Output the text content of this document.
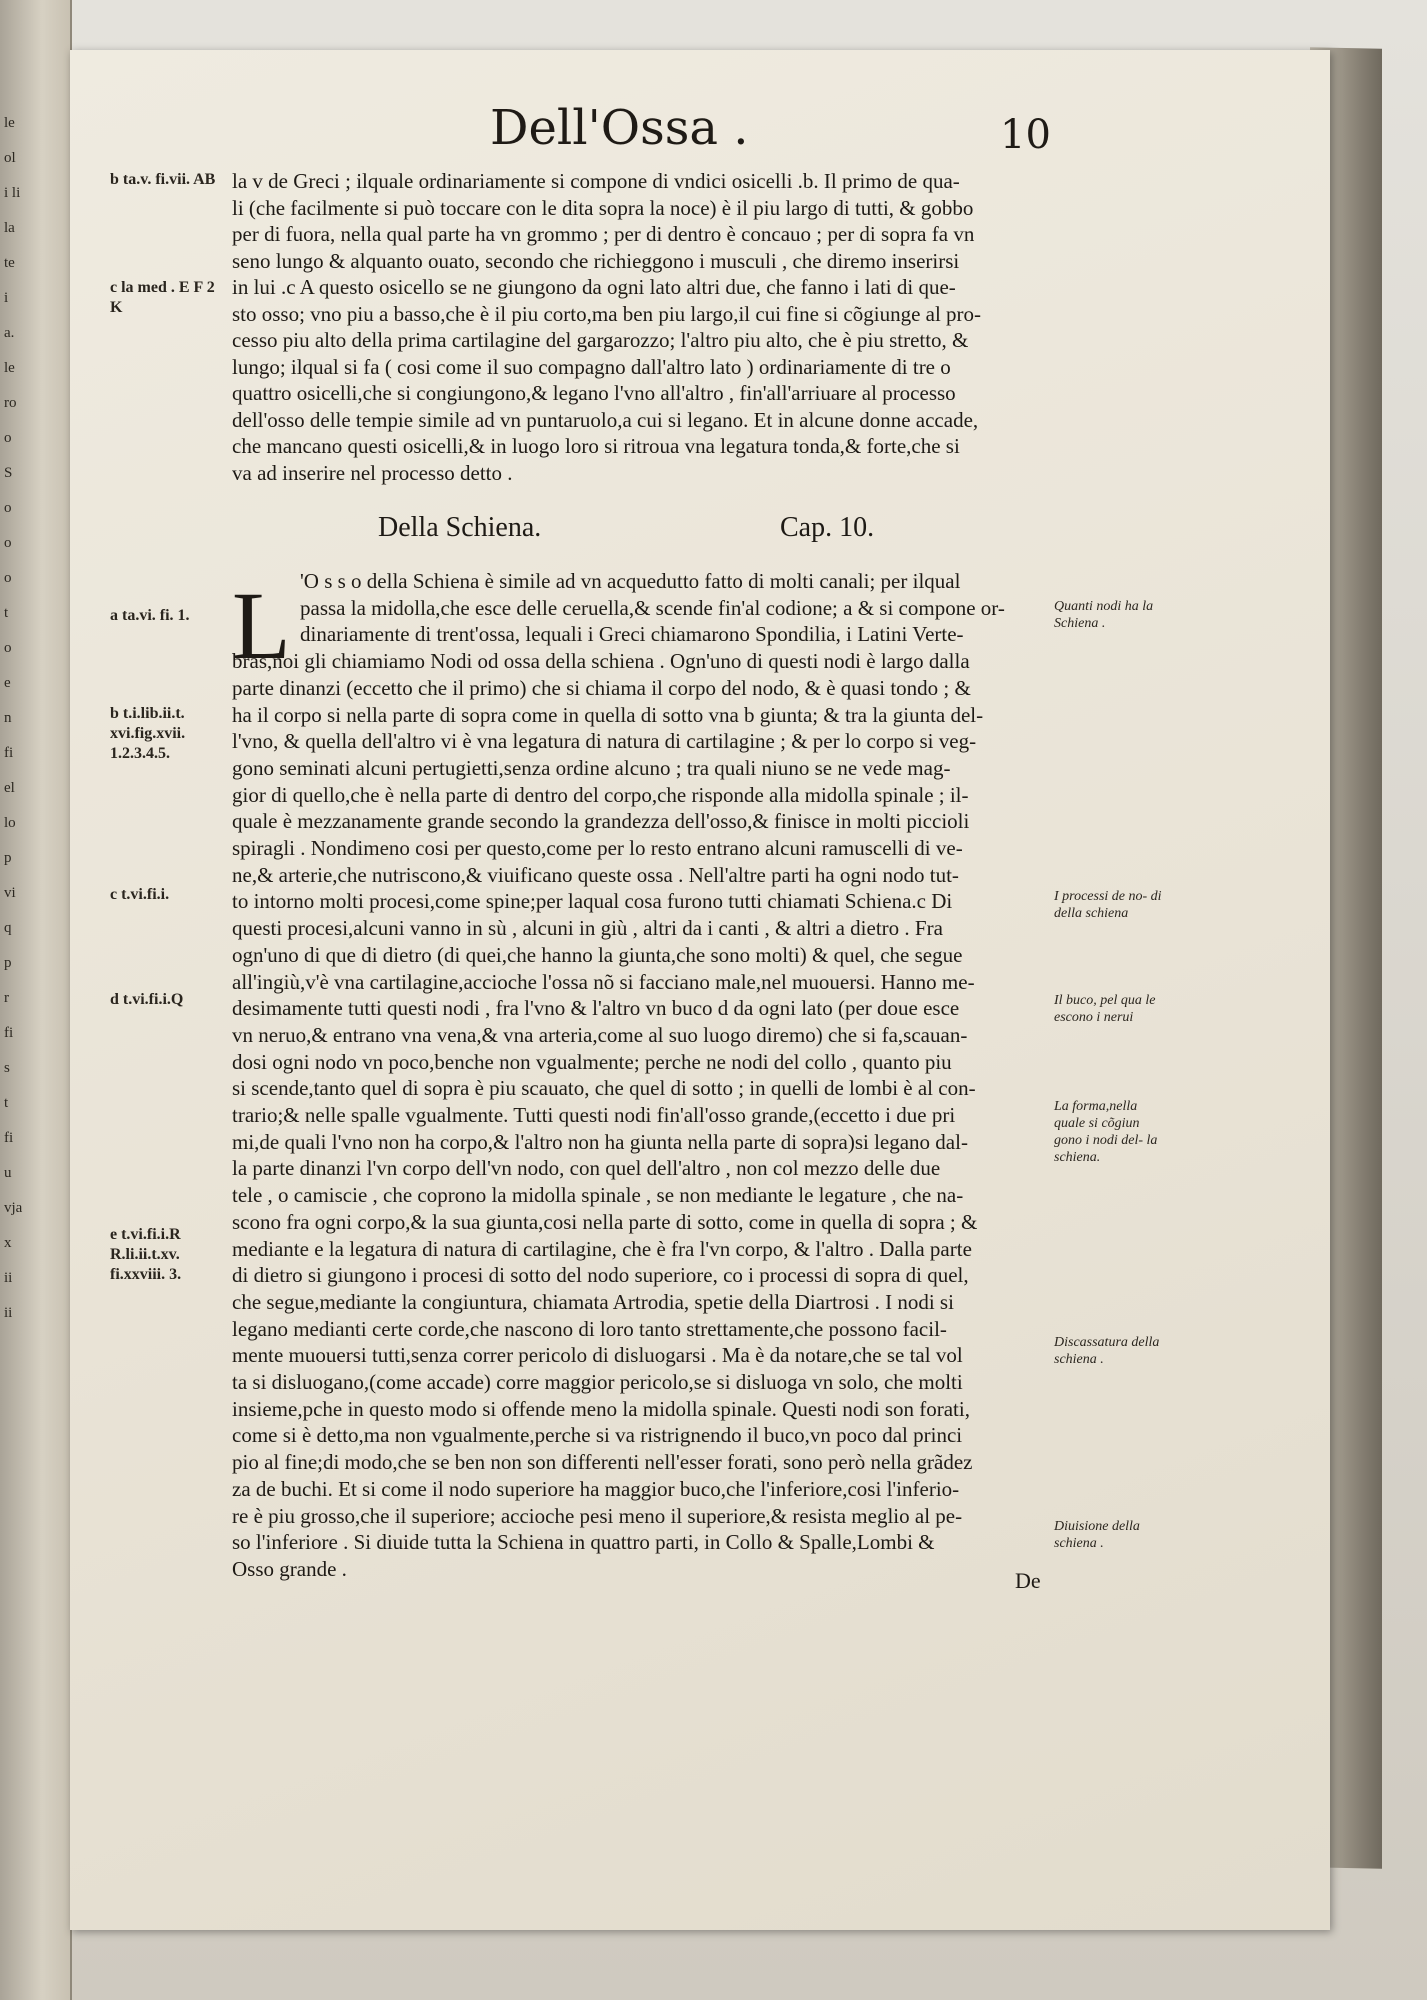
le
ol
i li
la
te
i
a.
le
ro
o
S
o
o
o
t
o
e
n
fi
el
lo
p
vi
q
p
r
fi
s
t
fi
u
vja
x
ii
ii
Dell'Ossa .	10
la v de Greci ; ilquale ordinariamente si compone di vndici osicelli .b. Il primo de qua-
li (che facilmente si può toccare con le dita sopra la noce) è il piu largo di tutti, & gobbo
per di fuora, nella qual parte ha vn grommo ; per di dentro è concauo ; per di sopra fa vn
seno lungo & alquanto ouato, secondo che richieggono i musculi , che diremo inserirsi
in lui .c A questo osicello se ne giungono da ogni lato altri due, che fanno i lati di que-
sto osso; vno piu a basso,che è il piu corto,ma ben piu largo,il cui fine si cõgiunge al pro-
cesso piu alto della prima cartilagine del gargarozzo; l'altro piu alto, che è piu stretto, &
lungo; ilqual si fa ( cosi come il suo compagno dall'altro lato ) ordinariamente di tre o
quattro osicelli,che si congiungono,& legano l'vno all'altro , fin'all'arriuare al processo
dell'osso delle tempie simile ad vn puntaruolo,a cui si legano. Et in alcune donne accade,
che mancano questi osicelli,& in luogo loro si ritroua vna legatura tonda,& forte,che si
va ad inserire nel processo detto .
Della Schiena.	Cap. 10.
L 'O s s o della Schiena è simile ad vn acquedutto fatto di molti canali; per ilqual
passa la midolla,che esce delle ceruella,& scende fin'al codione; a & si compone or-
dinariamente di trent'ossa, lequali i Greci chiamarono Spondilia, i Latini Verte-
bras,noi gli chiamiamo Nodi od ossa della schiena . Ogn'uno di questi nodi è largo dalla
parte dinanzi (eccetto che il primo) che si chiama il corpo del nodo, & è quasi tondo ; &
ha il corpo si nella parte di sopra come in quella di sotto vna b giunta; & tra la giunta del-
l'vno, & quella dell'altro vi è vna legatura di natura di cartilagine ; & per lo corpo si veg-
gono seminati alcuni pertugietti,senza ordine alcuno ; tra quali niuno se ne vede mag-
gior di quello,che è nella parte di dentro del corpo,che risponde alla midolla spinale ; il-
quale è mezzanamente grande secondo la grandezza dell'osso,& finisce in molti piccioli
spiragli . Nondimeno cosi per questo,come per lo resto entrano alcuni ramuscelli di ve-
ne,& arterie,che nutriscono,& viuificano queste ossa . Nell'altre parti ha ogni nodo tut-
to intorno molti procesi,come spine;per laqual cosa furono tutti chiamati Schiena.c Di
questi procesi,alcuni vanno in sù , alcuni in giù , altri da i canti , & altri a dietro . Fra
ogn'uno di que di dietro (di quei,che hanno la giunta,che sono molti) & quel, che segue
all'ingiù,v'è vna cartilagine,accioche l'ossa nõ si facciano male,nel muouersi. Hanno me-
desimamente tutti questi nodi , fra l'vno & l'altro vn buco d da ogni lato (per doue esce
vn neruo,& entrano vna vena,& vna arteria,come al suo luogo diremo) che si fa,scauan-
dosi ogni nodo vn poco,benche non vgualmente; perche ne nodi del collo , quanto piu
si scende,tanto quel di sopra è piu scauato, che quel di sotto ; in quelli de lombi è al con-
trario;& nelle spalle vgualmente. Tutti questi nodi fin'all'osso grande,(eccetto i due pri
mi,de quali l'vno non ha corpo,& l'altro non ha giunta nella parte di sopra)si legano dal-
la parte dinanzi l'vn corpo dell'vn nodo, con quel dell'altro , non col mezzo delle due
tele , o camiscie , che coprono la midolla spinale , se non mediante le legature , che na-
scono fra ogni corpo,& la sua giunta,cosi nella parte di sotto, come in quella di sopra ; &
mediante e la legatura di natura di cartilagine, che è fra l'vn corpo, & l'altro . Dalla parte
di dietro si giungono i procesi di sotto del nodo superiore, co i processi di sopra di quel,
che segue,mediante la congiuntura, chiamata Artrodia, spetie della Diartrosi . I nodi si
legano medianti certe corde,che nascono di loro tanto strettamente,che possono facil-
mente muouersi tutti,senza correr pericolo di disluogarsi . Ma è da notare,che se tal vol
ta si disluogano,(come accade) corre maggior pericolo,se si disluoga vn solo, che molti
insieme,pche in questo modo si offende meno la midolla spinale. Questi nodi son forati,
come si è detto,ma non vgualmente,perche si va ristrignendo il buco,vn poco dal princi
pio al fine;di modo,che se ben non son differenti nell'esser forati, sono però nella grãdez
za de buchi. Et si come il nodo superiore ha maggior buco,che l'inferiore,cosi l'inferio-
re è piu grosso,che il superiore; accioche pesi meno il superiore,& resista meglio al pe-
so l'inferiore . Si diuide tutta la Schiena in quattro parti, in Collo & Spalle,Lombi &
Osso grande .
b ta.v. fi.vii. AB
c la med . E F 2 K
a ta.vi. fi. 1.
b t.i.lib.ii.t. xvi.fig.xvii. 1.2.3.4.5.
c t.vi.fi.i.
d t.vi.fi.i.Q
e t.vi.fi.i.R R.li.ii.t.xv. fi.xxviii. 3.
Quanti nodi ha la Schiena .
I processi de no- di della schiena
Il buco, pel qua le escono i nerui
La forma,nella quale si cõgiun gono i nodi del- la schiena.
Discassatura della schiena .
Diuisione della schiena .
De
